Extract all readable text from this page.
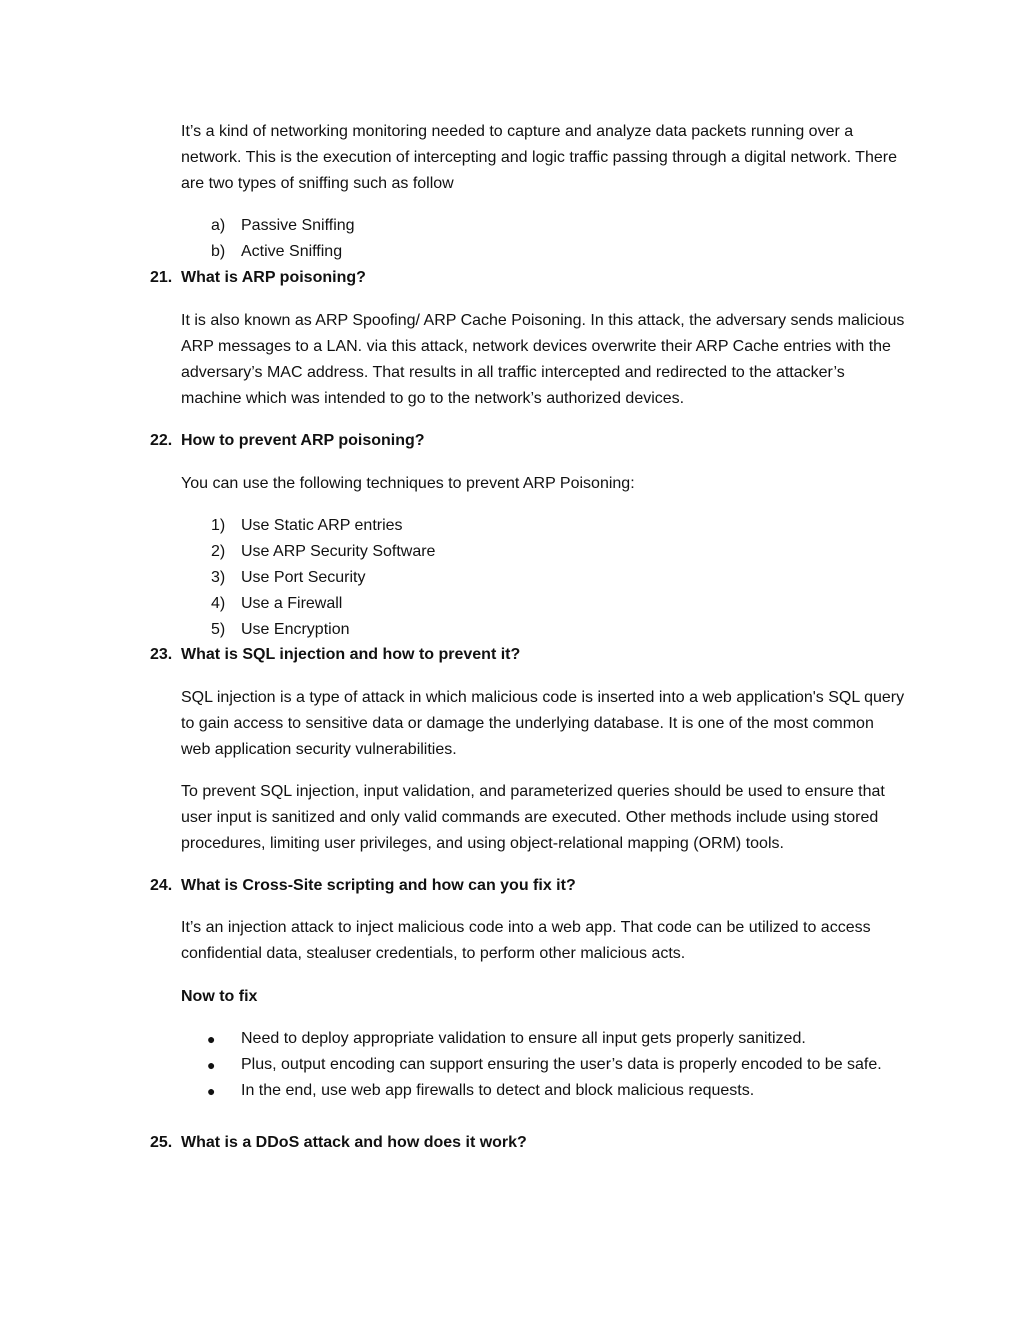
It’s a kind of networking monitoring needed to capture and analyze data packets running over a network. This is the execution of intercepting and logic traffic passing through a digital network. There are two types of sniffing such as follow

a) Passive Sniffing
b) Active Sniffing

21. What is ARP poisoning?

It is also known as ARP Spoofing/ ARP Cache Poisoning. In this attack, the adversary sends malicious ARP messages to a LAN. via this attack, network devices overwrite their ARP Cache entries with the adversary’s MAC address. That results in all traffic intercepted and redirected to the attacker’s machine which was intended to go to the network’s authorized devices.

22. How to prevent ARP poisoning?

You can use the following techniques to prevent ARP Poisoning:

1) Use Static ARP entries
2) Use ARP Security Software
3) Use Port Security
4) Use a Firewall
5) Use Encryption

23. What is SQL injection and how to prevent it?

SQL injection is a type of attack in which malicious code is inserted into a web application's SQL query to gain access to sensitive data or damage the underlying database. It is one of the most common web application security vulnerabilities.

To prevent SQL injection, input validation, and parameterized queries should be used to ensure that user input is sanitized and only valid commands are executed. Other methods include using stored procedures, limiting user privileges, and using object-relational mapping (ORM) tools.

24. What is Cross-Site scripting and how can you fix it?

It’s an injection attack to inject malicious code into a web app. That code can be utilized to access confidential data, stealuser credentials, to perform other malicious acts.

Now to fix

● Need to deploy appropriate validation to ensure all input gets properly sanitized.
● Plus, output encoding can support ensuring the user’s data is properly encoded to be safe.
● In the end, use web app firewalls to detect and block malicious requests.

25. What is a DDoS attack and how does it work?
